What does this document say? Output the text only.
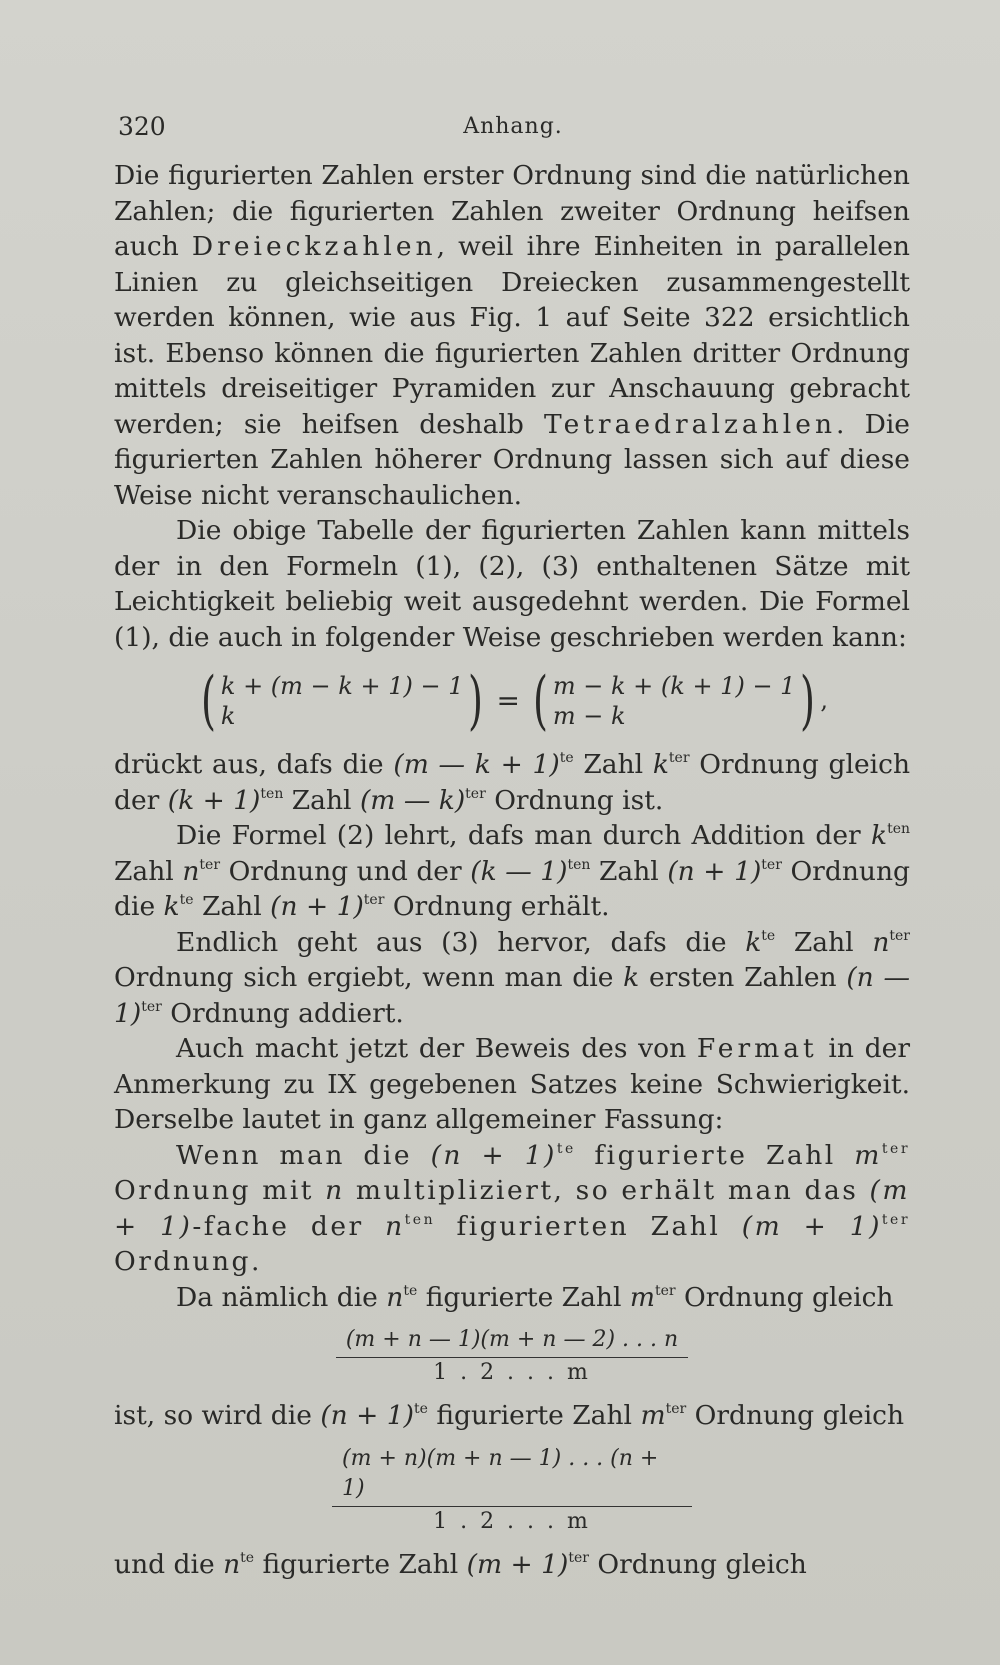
320	Anhang.

Die figurierten Zahlen erster Ordnung sind die natürlichen Zahlen; die figurierten Zahlen zweiter Ordnung heifsen auch Dreieckzahlen, weil ihre Einheiten in parallelen Linien zu gleichseitigen Dreiecken zusammengestellt werden können, wie aus Fig. 1 auf Seite 322 ersichtlich ist. Ebenso können die figurierten Zahlen dritter Ordnung mittels dreiseitiger Pyramiden zur Anschauung gebracht werden; sie heifsen deshalb Tetraedralzahlen. Die figurierten Zahlen höherer Ordnung lassen sich auf diese Weise nicht veranschaulichen.

Die obige Tabelle der figurierten Zahlen kann mittels der in den Formeln (1), (2), (3) enthaltenen Sätze mit Leichtigkeit beliebig weit ausgedehnt werden. Die Formel (1), die auch in folgender Weise geschrieben werden kann:

( k + (m − k + 1) − 1
k	) = ( m − k + (k + 1) − 1
m − k	) ,

drückt aus, dafs die (m — k + 1)$^{te}$ Zahl $k^{ter}$ Ordnung gleich der $(k + 1)^{ten}$ Zahl (m — k)$^{ter}$ Ordnung ist.

Die Formel (2) lehrt, dafs man durch Addition der $k^{ten}$ Zahl $n^{ter}$ Ordnung und der (k — 1)$^{ten}$ Zahl $(n + 1)^{ter}$ Ordnung die $k^{te}$ Zahl $(n + 1)^{ter}$ Ordnung erhält.

Endlich geht aus (3) hervor, dafs die $k^{te}$ Zahl $n^{ter}$ Ordnung sich ergiebt, wenn man die k ersten Zahlen (n — 1)$^{ter}$ Ordnung addiert.

Auch macht jetzt der Beweis des von Fermat in der Anmerkung zu IX gegebenen Satzes keine Schwierigkeit. Derselbe lautet in ganz allgemeiner Fassung:

Wenn man die $(n + 1)^{te}$ figurierte Zahl $m^{ter}$ Ordnung mit n multipliziert, so erhält man das (m + 1)-fache der $n^{ten}$ figurierten Zahl $(m + 1)^{ter}$ Ordnung.

Da nämlich die $n^{te}$ figurierte Zahl $m^{ter}$ Ordnung gleich

(m + n — 1)(m + n — 2) . . . n
1 . 2 . . . m

ist, so wird die $(n + 1)^{te}$ figurierte Zahl $m^{ter}$ Ordnung gleich

(m + n)(m + n — 1) . . . (n + 1)
1 . 2 . . . m

und die $n^{te}$ figurierte Zahl $(m + 1)^{ter}$ Ordnung gleich
